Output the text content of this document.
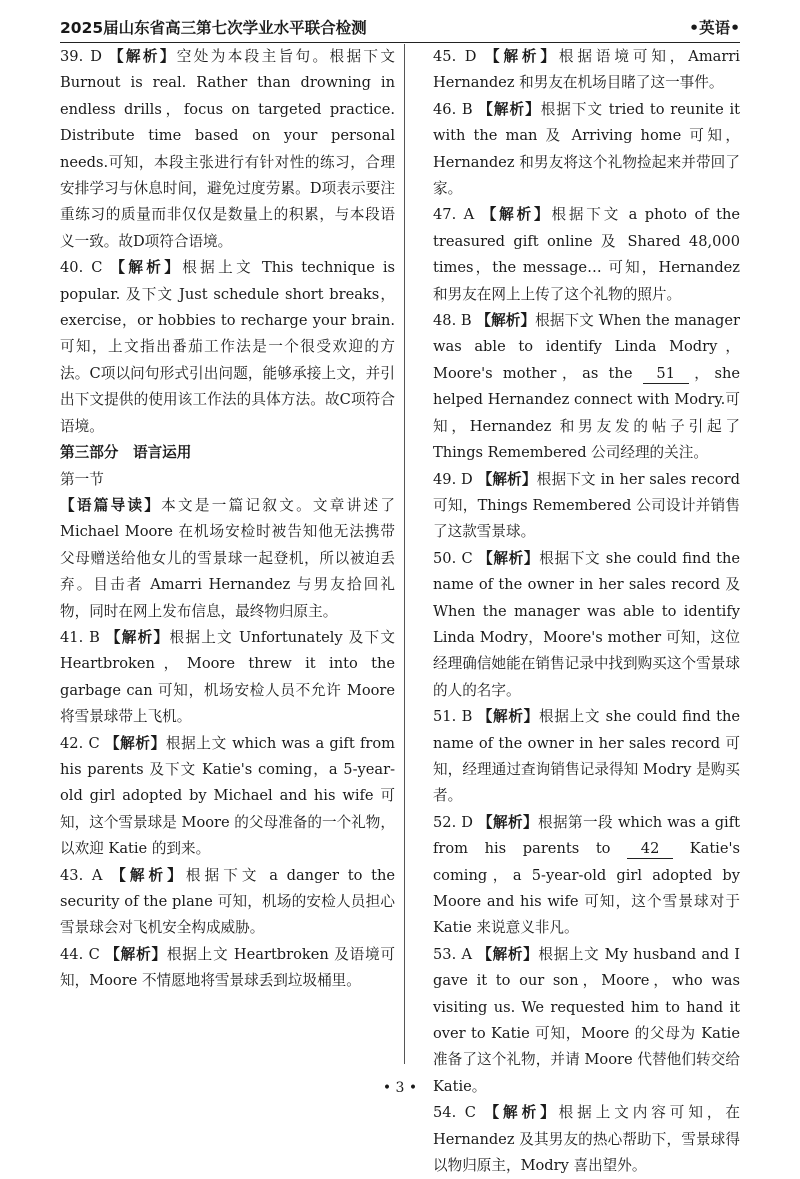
2025届山东省高三第七次学业水平联合检测	•英语•

39. D 【解析】空处为本段主旨句。根据下文 Burnout is real. Rather than drowning in endless drills，focus on targeted practice. Distribute time based on your personal needs.可知，本段主张进行有针对性的练习，合理安排学习与休息时间，避免过度劳累。D项表示要注重练习的质量而非仅仅是数量上的积累，与本段语义一致。故D项符合语境。

40. C 【解析】根据上文 This technique is popular. 及下文 Just schedule short breaks，exercise，or hobbies to recharge your brain.可知，上文指出番茄工作法是一个很受欢迎的方法。C项以问句形式引出问题，能够承接上文，并引出下文提供的使用该工作法的具体方法。故C项符合语境。

第三部分　语言运用

第一节

【语篇导读】本文是一篇记叙文。文章讲述了Michael Moore 在机场安检时被告知他无法携带父母赠送给他女儿的雪景球一起登机，所以被迫丢弃。目击者 Amarri Hernandez 与男友拾回礼物，同时在网上发布信息，最终物归原主。

41. B 【解析】根据上文 Unfortunately 及下文 Heartbroken，Moore threw it into the garbage can 可知，机场安检人员不允许 Moore 将雪景球带上飞机。

42. C 【解析】根据上文 which was a gift from his parents 及下文 Katie's coming，a 5-year-old girl adopted by Michael and his wife 可知，这个雪景球是 Moore 的父母准备的一个礼物，以欢迎 Katie 的到来。

43. A 【解析】根据下文 a danger to the security of the plane 可知，机场的安检人员担心雪景球会对飞机安全构成威胁。

44. C 【解析】根据上文 Heartbroken 及语境可知，Moore 不情愿地将雪景球丢到垃圾桶里。

45. D 【解析】根据语境可知，Amarri Hernandez 和男友在机场目睹了这一事件。

46. B 【解析】根据下文 tried to reunite it with the man 及 Arriving home 可知，Hernandez 和男友将这个礼物捡起来并带回了家。

47. A 【解析】根据下文 a photo of the treasured gift online 及 Shared 48,000 times，the message… 可知，Hernandez 和男友在网上上传了这个礼物的照片。

48. B 【解析】根据下文 When the manager was able to identify Linda Modry，Moore's mother，as the 51 ，she helped Hernandez connect with Modry.可知，Hernandez 和男友发的帖子引起了 Things Remembered 公司经理的关注。

49. D 【解析】根据下文 in her sales record 可知，Things Remembered 公司设计并销售了这款雪景球。

50. C 【解析】根据下文 she could find the name of the owner in her sales record 及 When the manager was able to identify Linda Modry，Moore's mother 可知，这位经理确信她能在销售记录中找到购买这个雪景球的人的名字。

51. B 【解析】根据上文 she could find the name of the owner in her sales record 可知，经理通过查询销售记录得知 Modry 是购买者。

52. D 【解析】根据第一段 which was a gift from his parents to 42 Katie's coming，a 5-year-old girl adopted by Moore and his wife 可知，这个雪景球对于 Katie 来说意义非凡。

53. A 【解析】根据上文 My husband and I gave it to our son，Moore，who was visiting us. We requested him to hand it over to Katie 可知，Moore 的父母为 Katie 准备了这个礼物，并请 Moore 代替他们转交给 Katie。

54. C 【解析】根据上文内容可知，在 Hernandez 及其男友的热心帮助下，雪景球得以物归原主，Modry 喜出望外。

• 3 •
